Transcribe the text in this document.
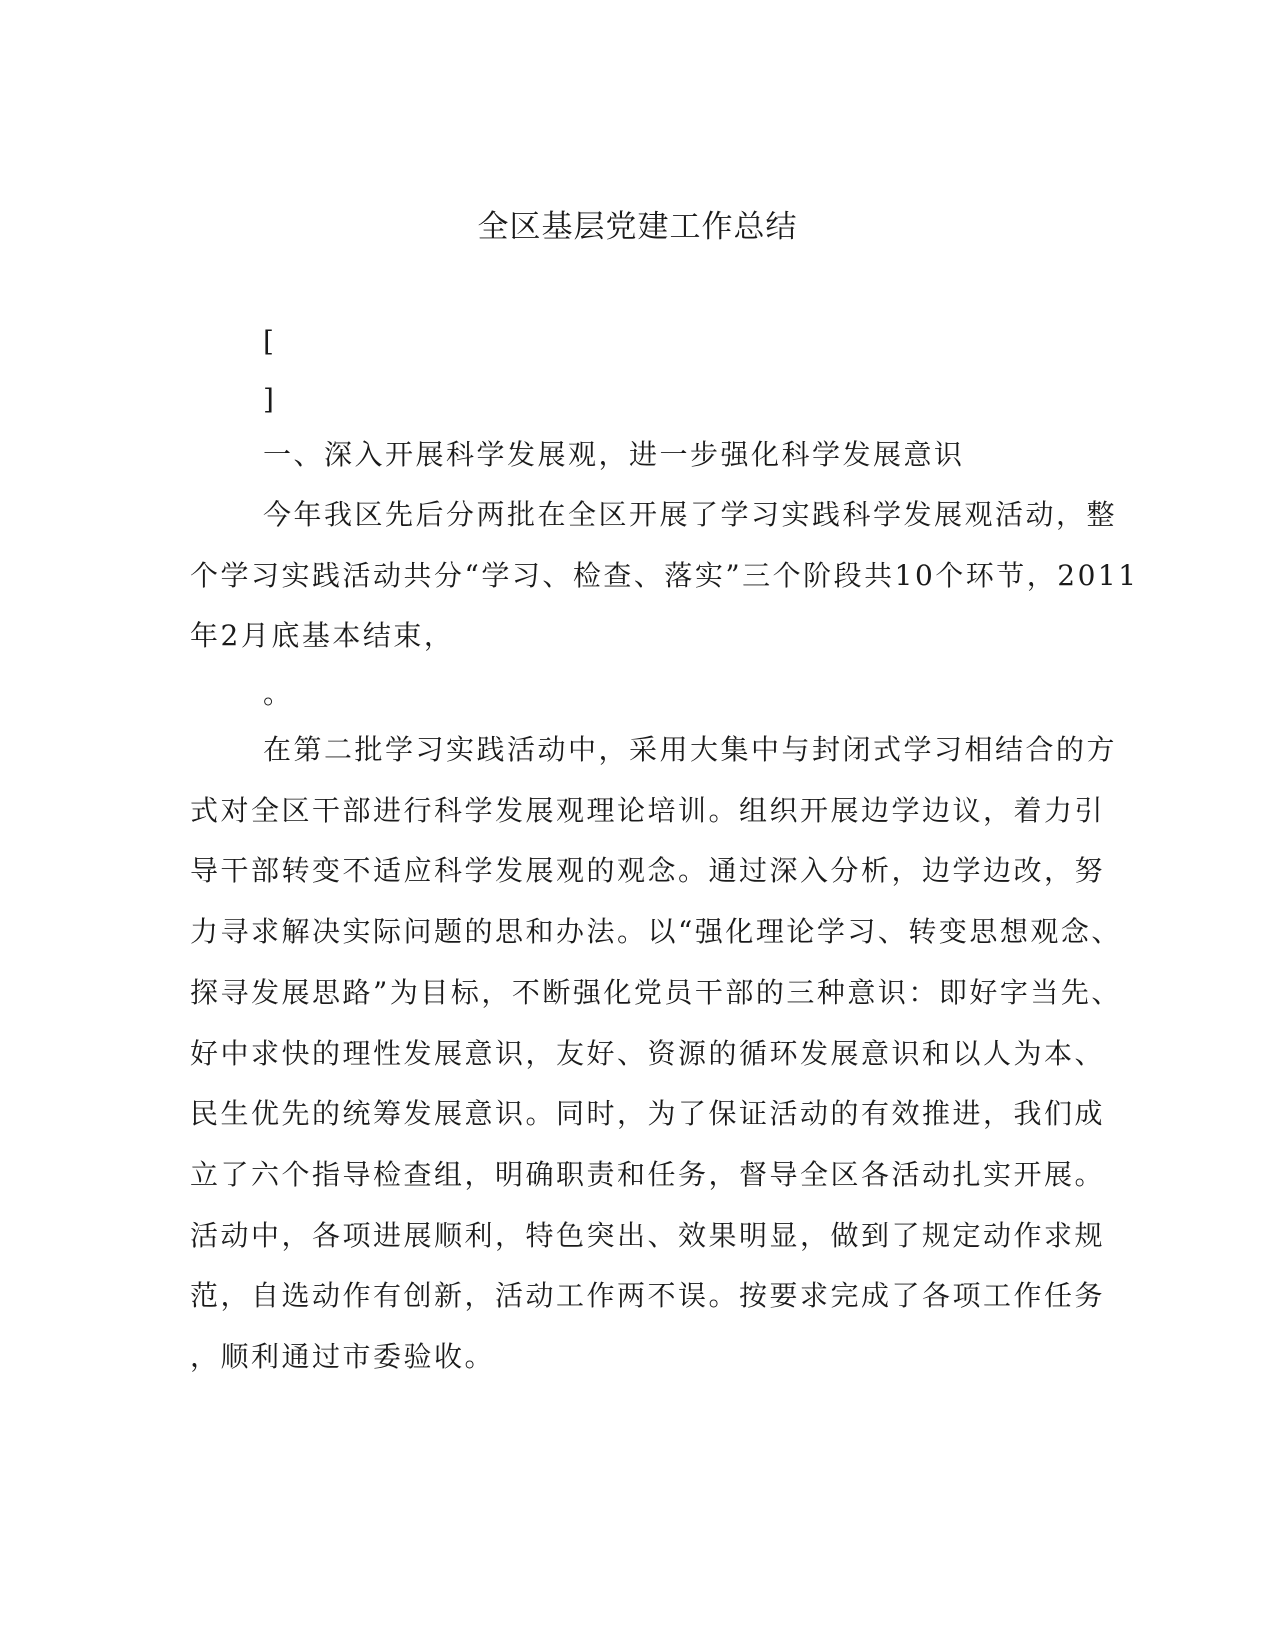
全区基层党建工作总结

[

]

一、深入开展科学发展观，进一步强化科学发展意识

今年我区先后分两批在全区开展了学习实践科学发展观活动，整
个学习实践活动共分“学习、检查、落实”三个阶段共10个环节，2011
年2月底基本结束，

。

在第二批学习实践活动中，采用大集中与封闭式学习相结合的方
式对全区干部进行科学发展观理论培训。组织开展边学边议，着力引
导干部转变不适应科学发展观的观念。通过深入分析，边学边改，努
力寻求解决实际问题的思和办法。以“强化理论学习、转变思想观念、
探寻发展思路”为目标，不断强化党员干部的三种意识：即好字当先、
好中求快的理性发展意识，友好、资源的循环发展意识和以人为本、
民生优先的统筹发展意识。同时，为了保证活动的有效推进，我们成
立了六个指导检查组，明确职责和任务，督导全区各活动扎实开展。
活动中，各项进展顺利，特色突出、效果明显，做到了规定动作求规
范，自选动作有创新，活动工作两不误。按要求完成了各项工作任务
，顺利通过市委验收。
